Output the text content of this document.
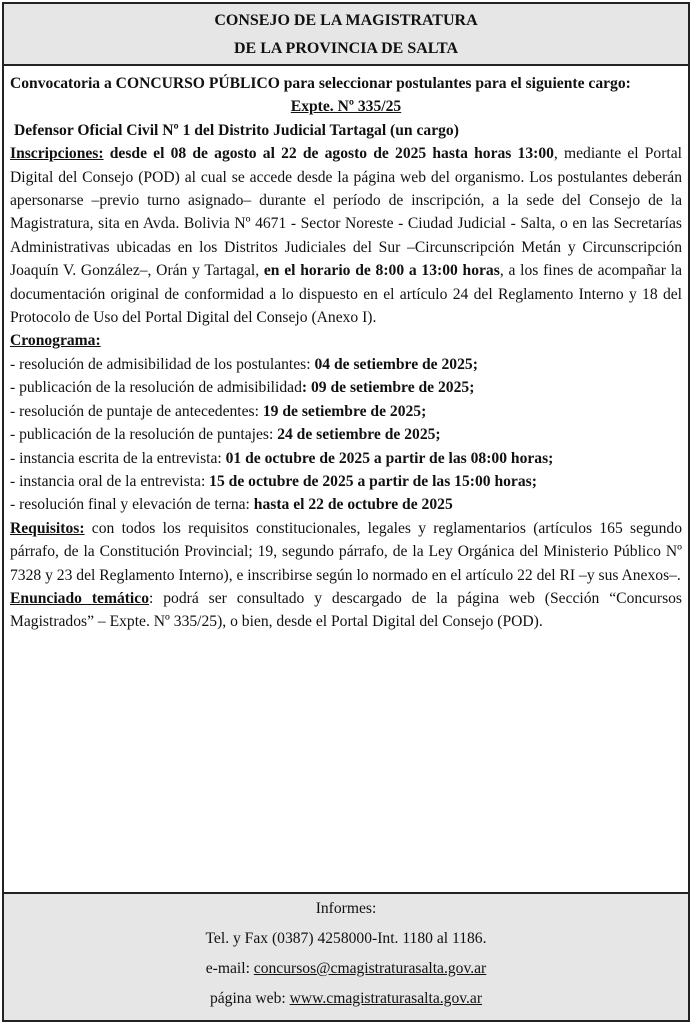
CONSEJO DE LA MAGISTRATURA
DE LA PROVINCIA DE SALTA

Convocatoria a CONCURSO PÚBLICO para seleccionar postulantes para el siguiente cargo:

Expte. Nº 335/25

Defensor Oficial Civil Nº 1 del Distrito Judicial Tartagal (un cargo)

Inscripciones: desde el 08 de agosto al 22 de agosto de 2025 hasta horas 13:00, mediante el Portal Digital del Consejo (POD) al cual se accede desde la página web del organismo. Los postulantes deberán apersonarse –previo turno asignado– durante el período de inscripción, a la sede del Consejo de la Magistratura, sita en Avda. Bolivia Nº 4671 - Sector Noreste - Ciudad Judicial - Salta, o en las Secretarías Administrativas ubicadas en los Distritos Judiciales del Sur –Circunscripción Metán y Circunscripción Joaquín V. González–, Orán y Tartagal, en el horario de 8:00 a 13:00 horas, a los fines de acompañar la documentación original de conformidad a lo dispuesto en el artículo 24 del Reglamento Interno y 18 del Protocolo de Uso del Portal Digital del Consejo (Anexo I).

Cronograma:

- resolución de admisibilidad de los postulantes: 04 de setiembre de 2025;

- publicación de la resolución de admisibilidad: 09 de setiembre de 2025;

- resolución de puntaje de antecedentes: 19 de setiembre de 2025;

- publicación de la resolución de puntajes: 24 de setiembre de 2025;

- instancia escrita de la entrevista: 01 de octubre de 2025 a partir de las 08:00 horas;

- instancia oral de la entrevista: 15 de octubre de 2025 a partir de las 15:00 horas;

- resolución final y elevación de terna: hasta el 22 de octubre de 2025

Requisitos: con todos los requisitos constitucionales, legales y reglamentarios (artículos 165 segundo párrafo, de la Constitución Provincial; 19, segundo párrafo, de la Ley Orgánica del Ministerio Público Nº 7328 y 23 del Reglamento Interno), e inscribirse según lo normado en el artículo 22 del RI –y sus Anexos–.

Enunciado temático: podrá ser consultado y descargado de la página web (Sección “Concursos Magistrados” – Expte. Nº 335/25), o bien, desde el Portal Digital del Consejo (POD).

Informes:
Tel. y Fax (0387) 4258000-Int. 1180 al 1186.
e-mail: concursos@cmagistraturasalta.gov.ar
página web: www.cmagistraturasalta.gov.ar
